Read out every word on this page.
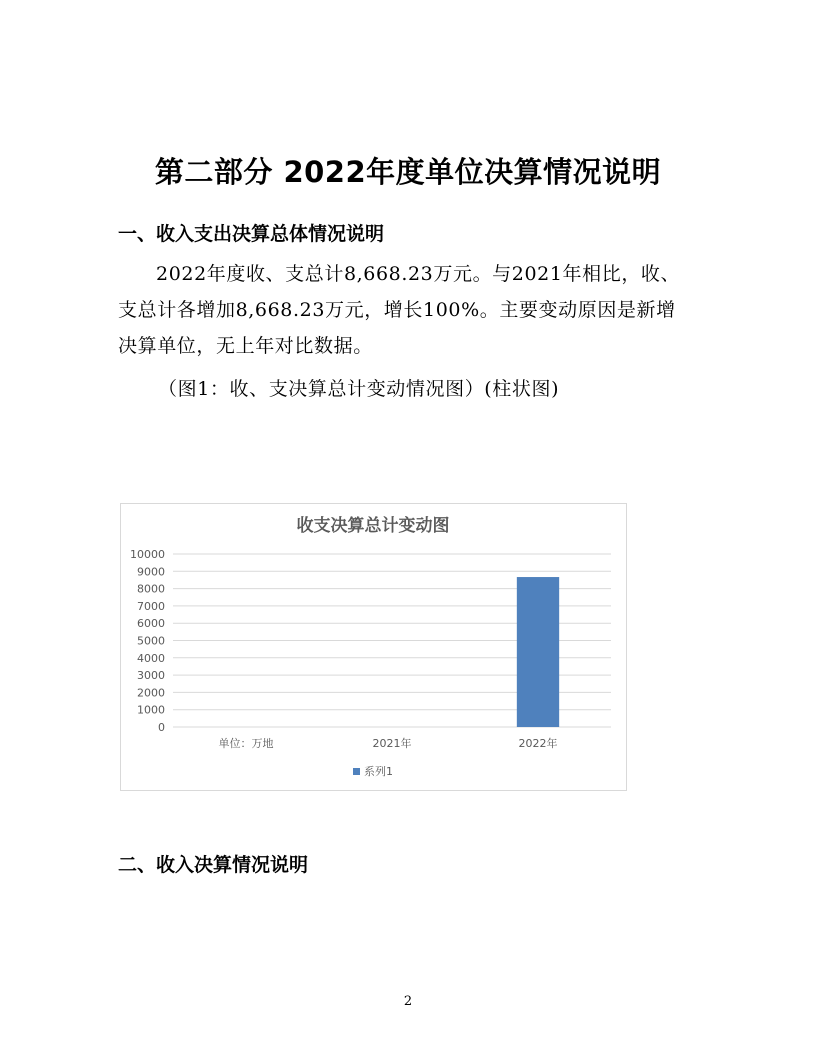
第二部分 2022年度单位决算情况说明
一、收入支出决算总体情况说明

2022年度收、支总计8,668.23万元。与2021年相比，收、

支总计各增加8,668.23万元，增长100%。主要变动原因是新增

决算单位，无上年对比数据。

（图1：收、支决算总计变动情况图）(柱状图)
收支决算总计变动图
0
1000
2000
3000
4000
5000
6000
7000
8000
9000
10000
单位：万地	2021年	2022年
系列1
二、收入决算情况说明
2
